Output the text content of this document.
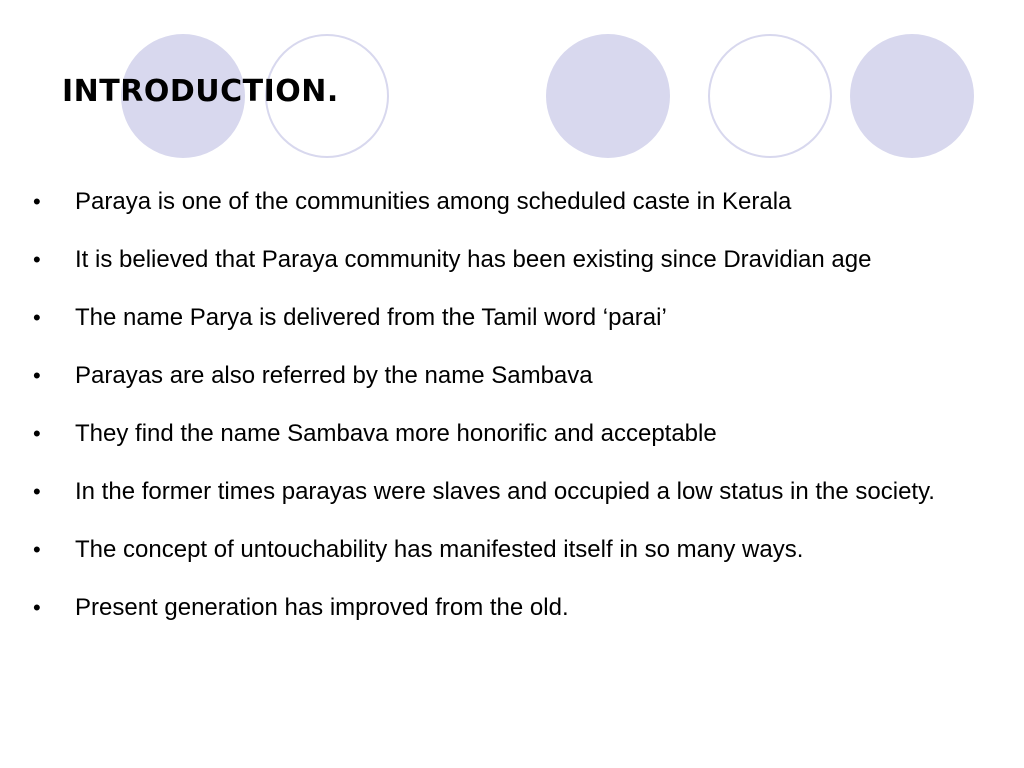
INTRODUCTION.
• Paraya is one of the communities among scheduled caste in Kerala
• It is believed that Paraya community has been existing since Dravidian age
• The name Parya is delivered from the Tamil word ‘parai’
• Parayas are also referred by the name Sambava
• They find the name Sambava more honorific and acceptable
• In the former times parayas were slaves and occupied a low status in the society.
• The concept of untouchability has manifested itself in so many ways.
• Present generation has improved from the old.
